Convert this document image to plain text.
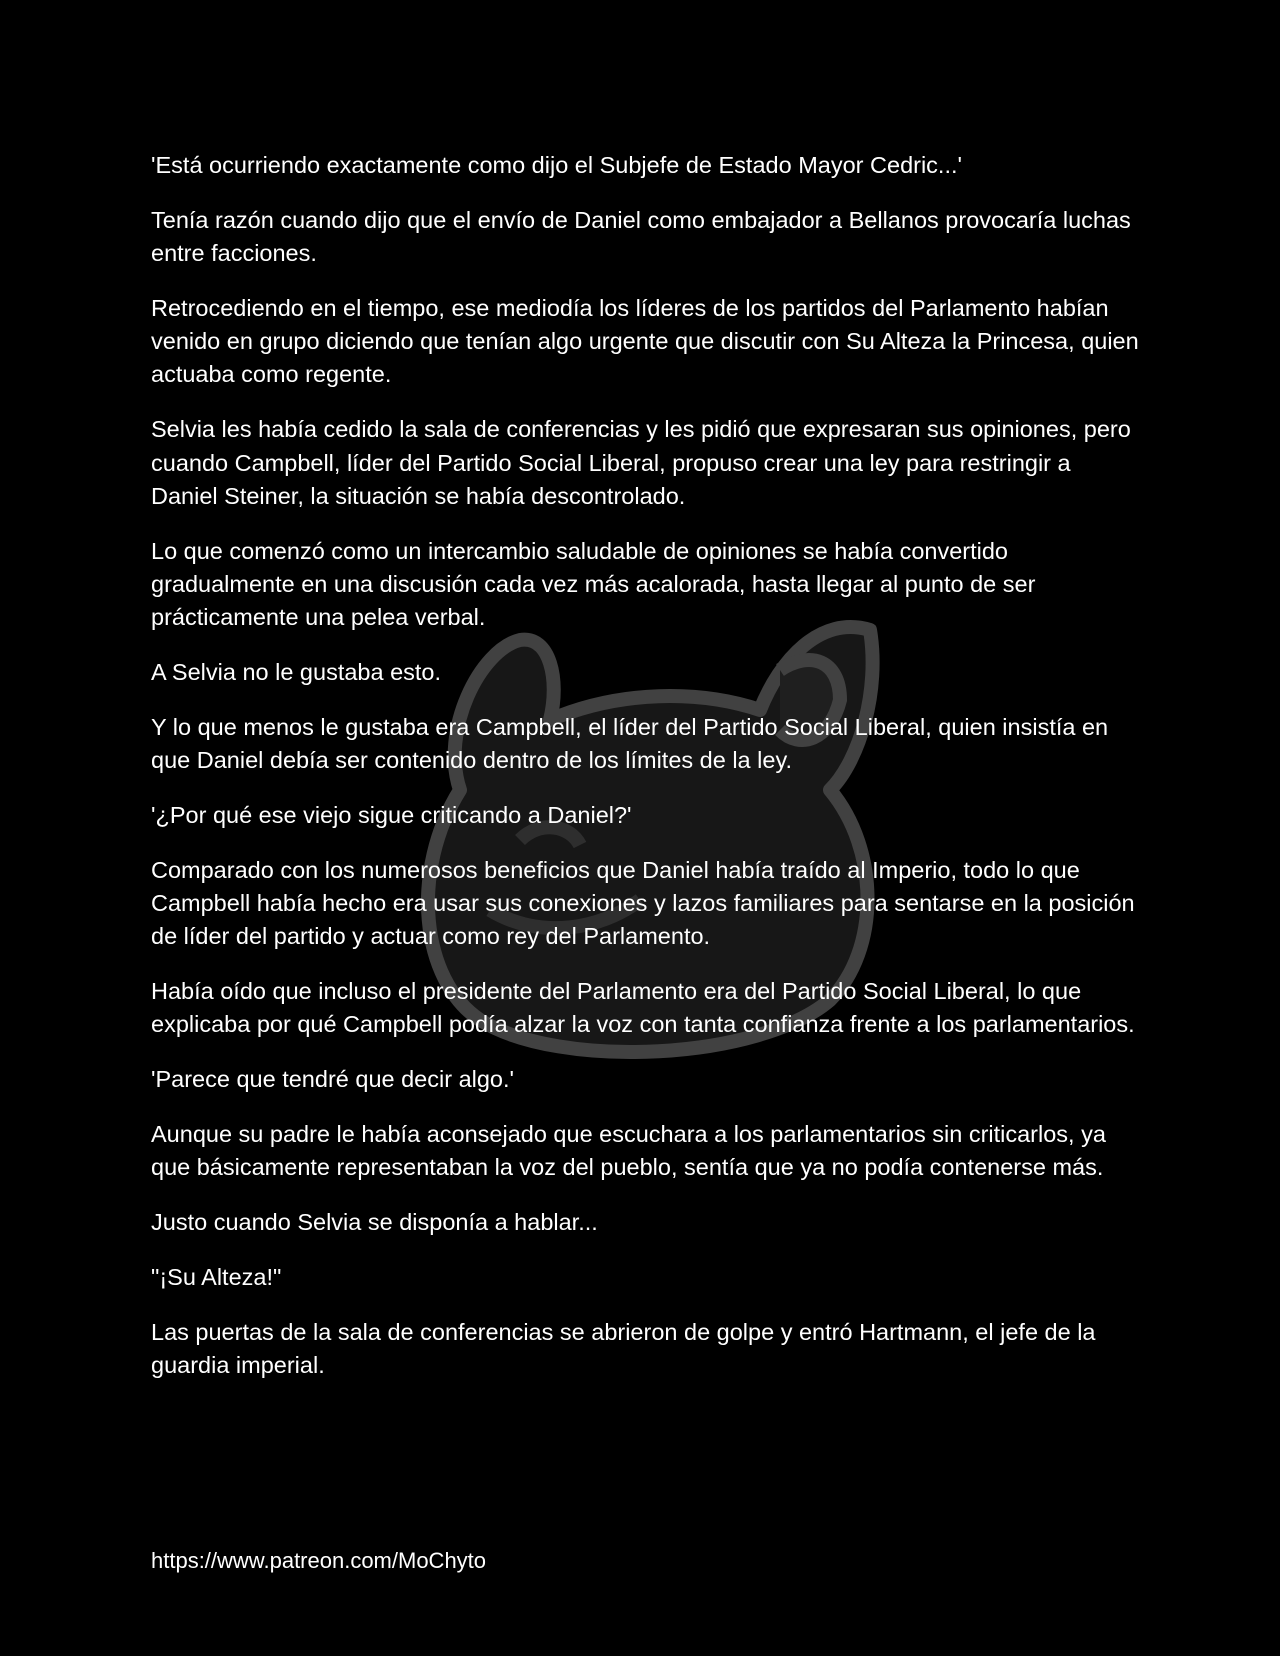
'Está ocurriendo exactamente como dijo el Subjefe de Estado Mayor Cedric...'

Tenía razón cuando dijo que el envío de Daniel como embajador a Bellanos provocaría luchas entre facciones.

Retrocediendo en el tiempo, ese mediodía los líderes de los partidos del Parlamento habían venido en grupo diciendo que tenían algo urgente que discutir con Su Alteza la Princesa, quien actuaba como regente.

Selvia les había cedido la sala de conferencias y les pidió que expresaran sus opiniones, pero cuando Campbell, líder del Partido Social Liberal, propuso crear una ley para restringir a Daniel Steiner, la situación se había descontrolado.

Lo que comenzó como un intercambio saludable de opiniones se había convertido gradualmente en una discusión cada vez más acalorada, hasta llegar al punto de ser prácticamente una pelea verbal.

A Selvia no le gustaba esto.

Y lo que menos le gustaba era Campbell, el líder del Partido Social Liberal, quien insistía en que Daniel debía ser contenido dentro de los límites de la ley.

'¿Por qué ese viejo sigue criticando a Daniel?'

Comparado con los numerosos beneficios que Daniel había traído al Imperio, todo lo que Campbell había hecho era usar sus conexiones y lazos familiares para sentarse en la posición de líder del partido y actuar como rey del Parlamento.

Había oído que incluso el presidente del Parlamento era del Partido Social Liberal, lo que explicaba por qué Campbell podía alzar la voz con tanta confianza frente a los parlamentarios.

'Parece que tendré que decir algo.'

Aunque su padre le había aconsejado que escuchara a los parlamentarios sin criticarlos, ya que básicamente representaban la voz del pueblo, sentía que ya no podía contenerse más.

Justo cuando Selvia se disponía a hablar...

"¡Su Alteza!"

Las puertas de la sala de conferencias se abrieron de golpe y entró Hartmann, el jefe de la guardia imperial.

https://www.patreon.com/MoChyto
